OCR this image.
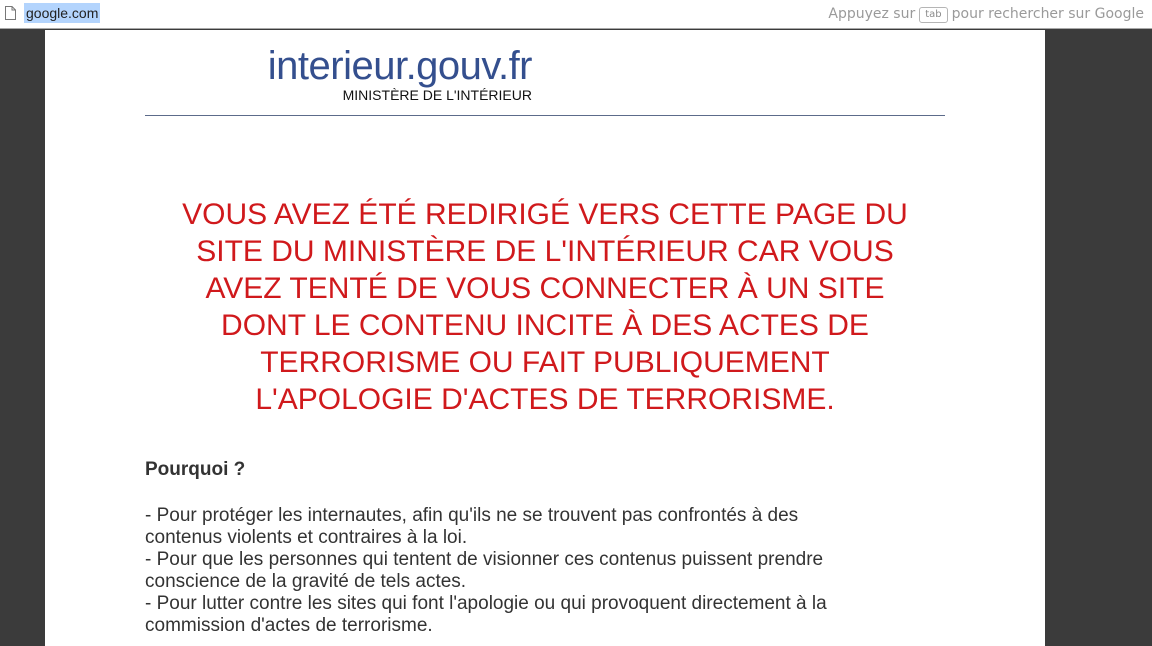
google.com	Appuyez sur tab pour rechercher sur Google
interieur.gouv.fr
MINISTÈRE DE L'INTÉRIEUR
VOUS AVEZ ÉTÉ REDIRIGÉ VERS CETTE PAGE DU
SITE DU MINISTÈRE DE L'INTÉRIEUR CAR VOUS
AVEZ TENTÉ DE VOUS CONNECTER À UN SITE
DONT LE CONTENU INCITE À DES ACTES DE
TERRORISME OU FAIT PUBLIQUEMENT
L'APOLOGIE D'ACTES DE TERRORISME.
Pourquoi ?

- Pour protéger les internautes, afin qu'ils ne se trouvent pas confrontés à des

contenus violents et contraires à la loi.

- Pour que les personnes qui tentent de visionner ces contenus puissent prendre

conscience de la gravité de tels actes.

- Pour lutter contre les sites qui font l'apologie ou qui provoquent directement à la

commission d'actes de terrorisme.
